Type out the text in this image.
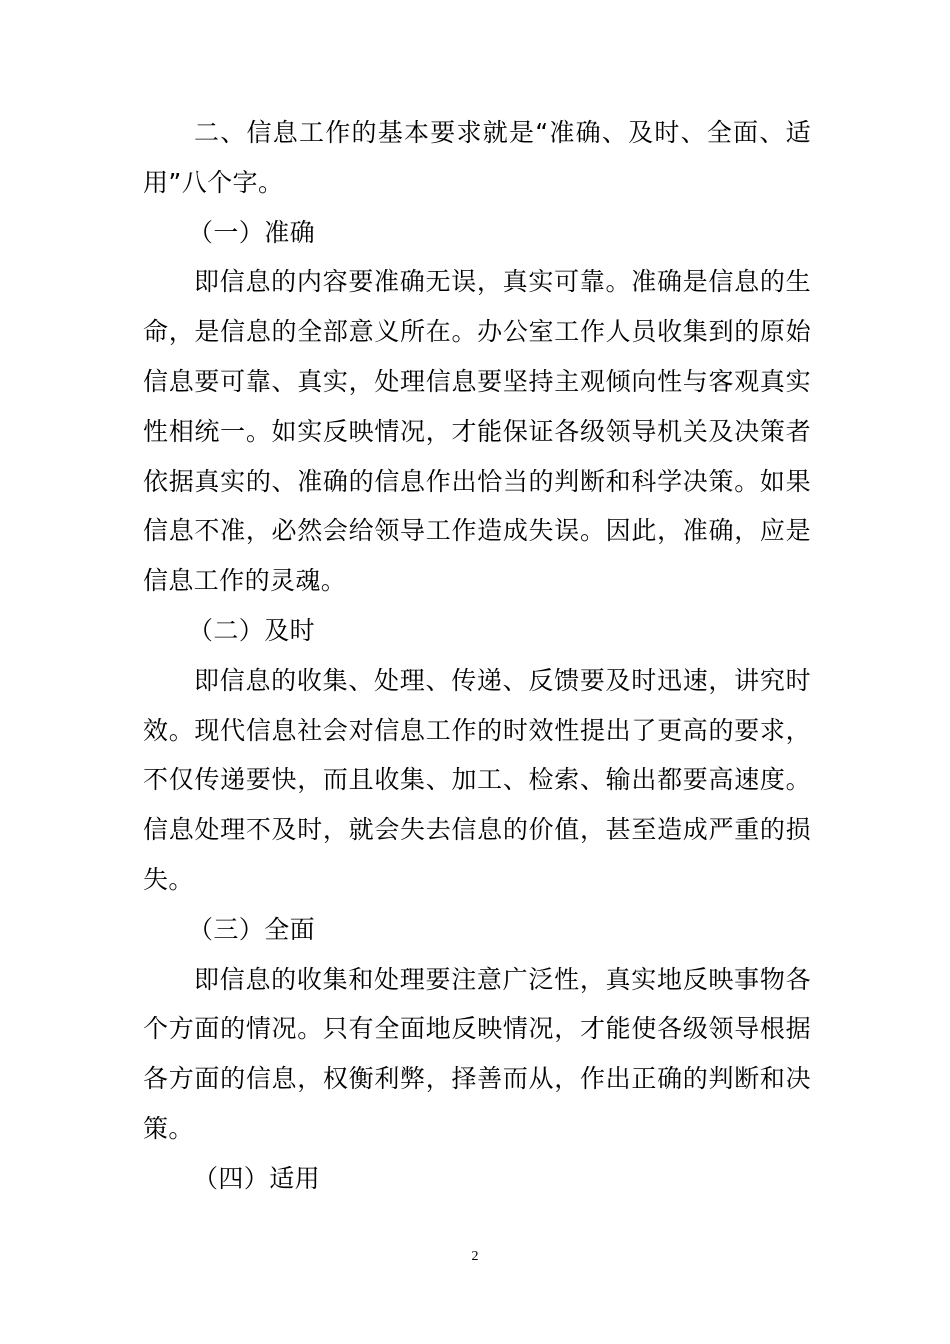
二、信息工作的基本要求就是“准确、及时、全面、适用”八个字。

（一）准确

即信息的内容要准确无误，真实可靠。准确是信息的生命，是信息的全部意义所在。办公室工作人员收集到的原始信息要可靠、真实，处理信息要坚持主观倾向性与客观真实性相统一。如实反映情况，才能保证各级领导机关及决策者依据真实的、准确的信息作出恰当的判断和科学决策。如果信息不准，必然会给领导工作造成失误。因此，准确，应是信息工作的灵魂。

（二）及时

即信息的收集、处理、传递、反馈要及时迅速，讲究时效。现代信息社会对信息工作的时效性提出了更高的要求，不仅传递要快，而且收集、加工、检索、输出都要高速度。信息处理不及时，就会失去信息的价值，甚至造成严重的损失。

（三）全面

即信息的收集和处理要注意广泛性，真实地反映事物各个方面的情况。只有全面地反映情况，才能使各级领导根据各方面的信息，权衡利弊，择善而从，作出正确的判断和决策。

（四）适用

2
